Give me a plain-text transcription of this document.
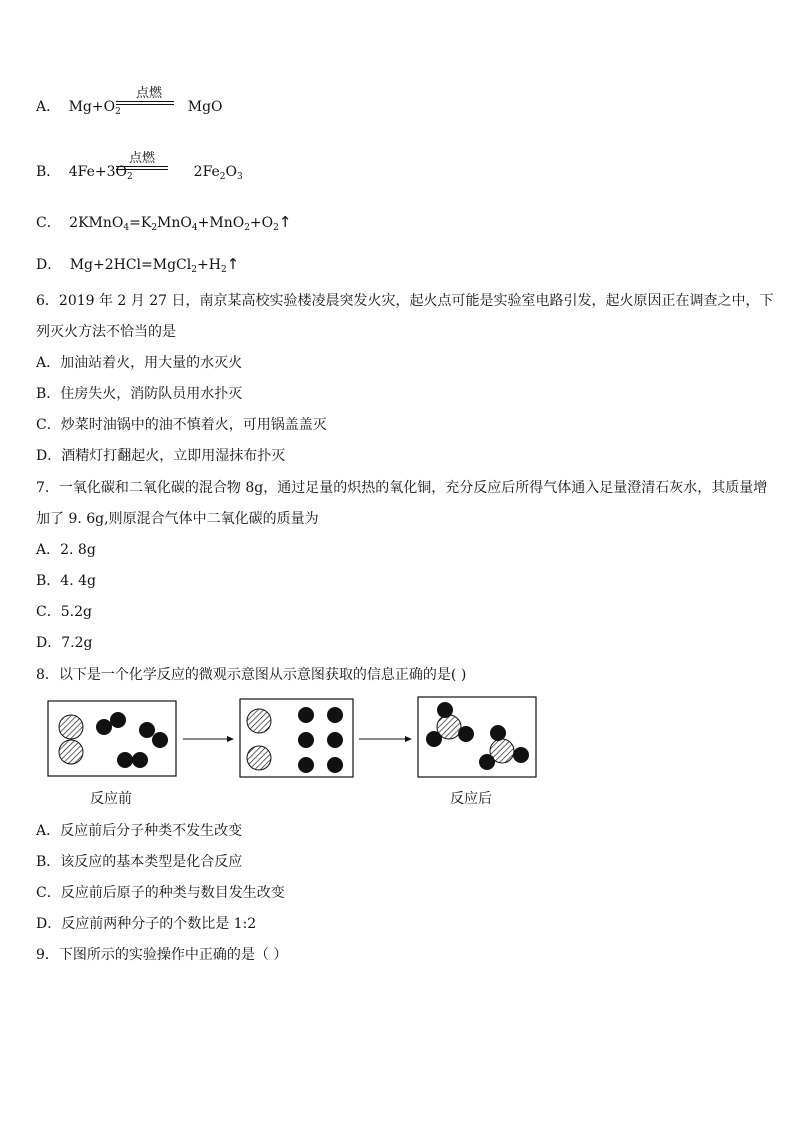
A． $Mg+O_2$	MgO
点燃
B． $4Fe+3O_2$	$2Fe_2O_3$
点燃
C． $2KMnO_4=K_2MnO_4+MnO_2+O_2↑$
D． $Mg+2HCl=MgCl_2+H_2↑$
6．2019 年 2 月 27 日，南京某高校实验楼凌晨突发火灾，起火点可能是实验室电路引发，起火原因正在调查之中，下
列灭火方法不恰当的是
A．加油站着火，用大量的水灭火
B．住房失火，消防队员用水扑灭
C．炒菜时油锅中的油不慎着火，可用锅盖盖灭
D．酒精灯打翻起火，立即用湿抹布扑灭
7．一氧化碳和二氧化碳的混合物 8g，通过足量的炽热的氧化铜，充分反应后所得气体通入足量澄清石灰水，其质量增
加了 9. 6g,则原混合气体中二氧化碳的质量为
A．2. 8g
B．4. 4g
C．5.2g
D．7.2g
8．以下是一个化学反应的微观示意图从示意图获取的信息正确的是( )
反应前	反应后
A．反应前后分子种类不发生改变
B．该反应的基本类型是化合反应
C．反应前后原子的种类与数目发生改变
D．反应前两种分子的个数比是 1:2
9．下图所示的实验操作中正确的是（ ）
